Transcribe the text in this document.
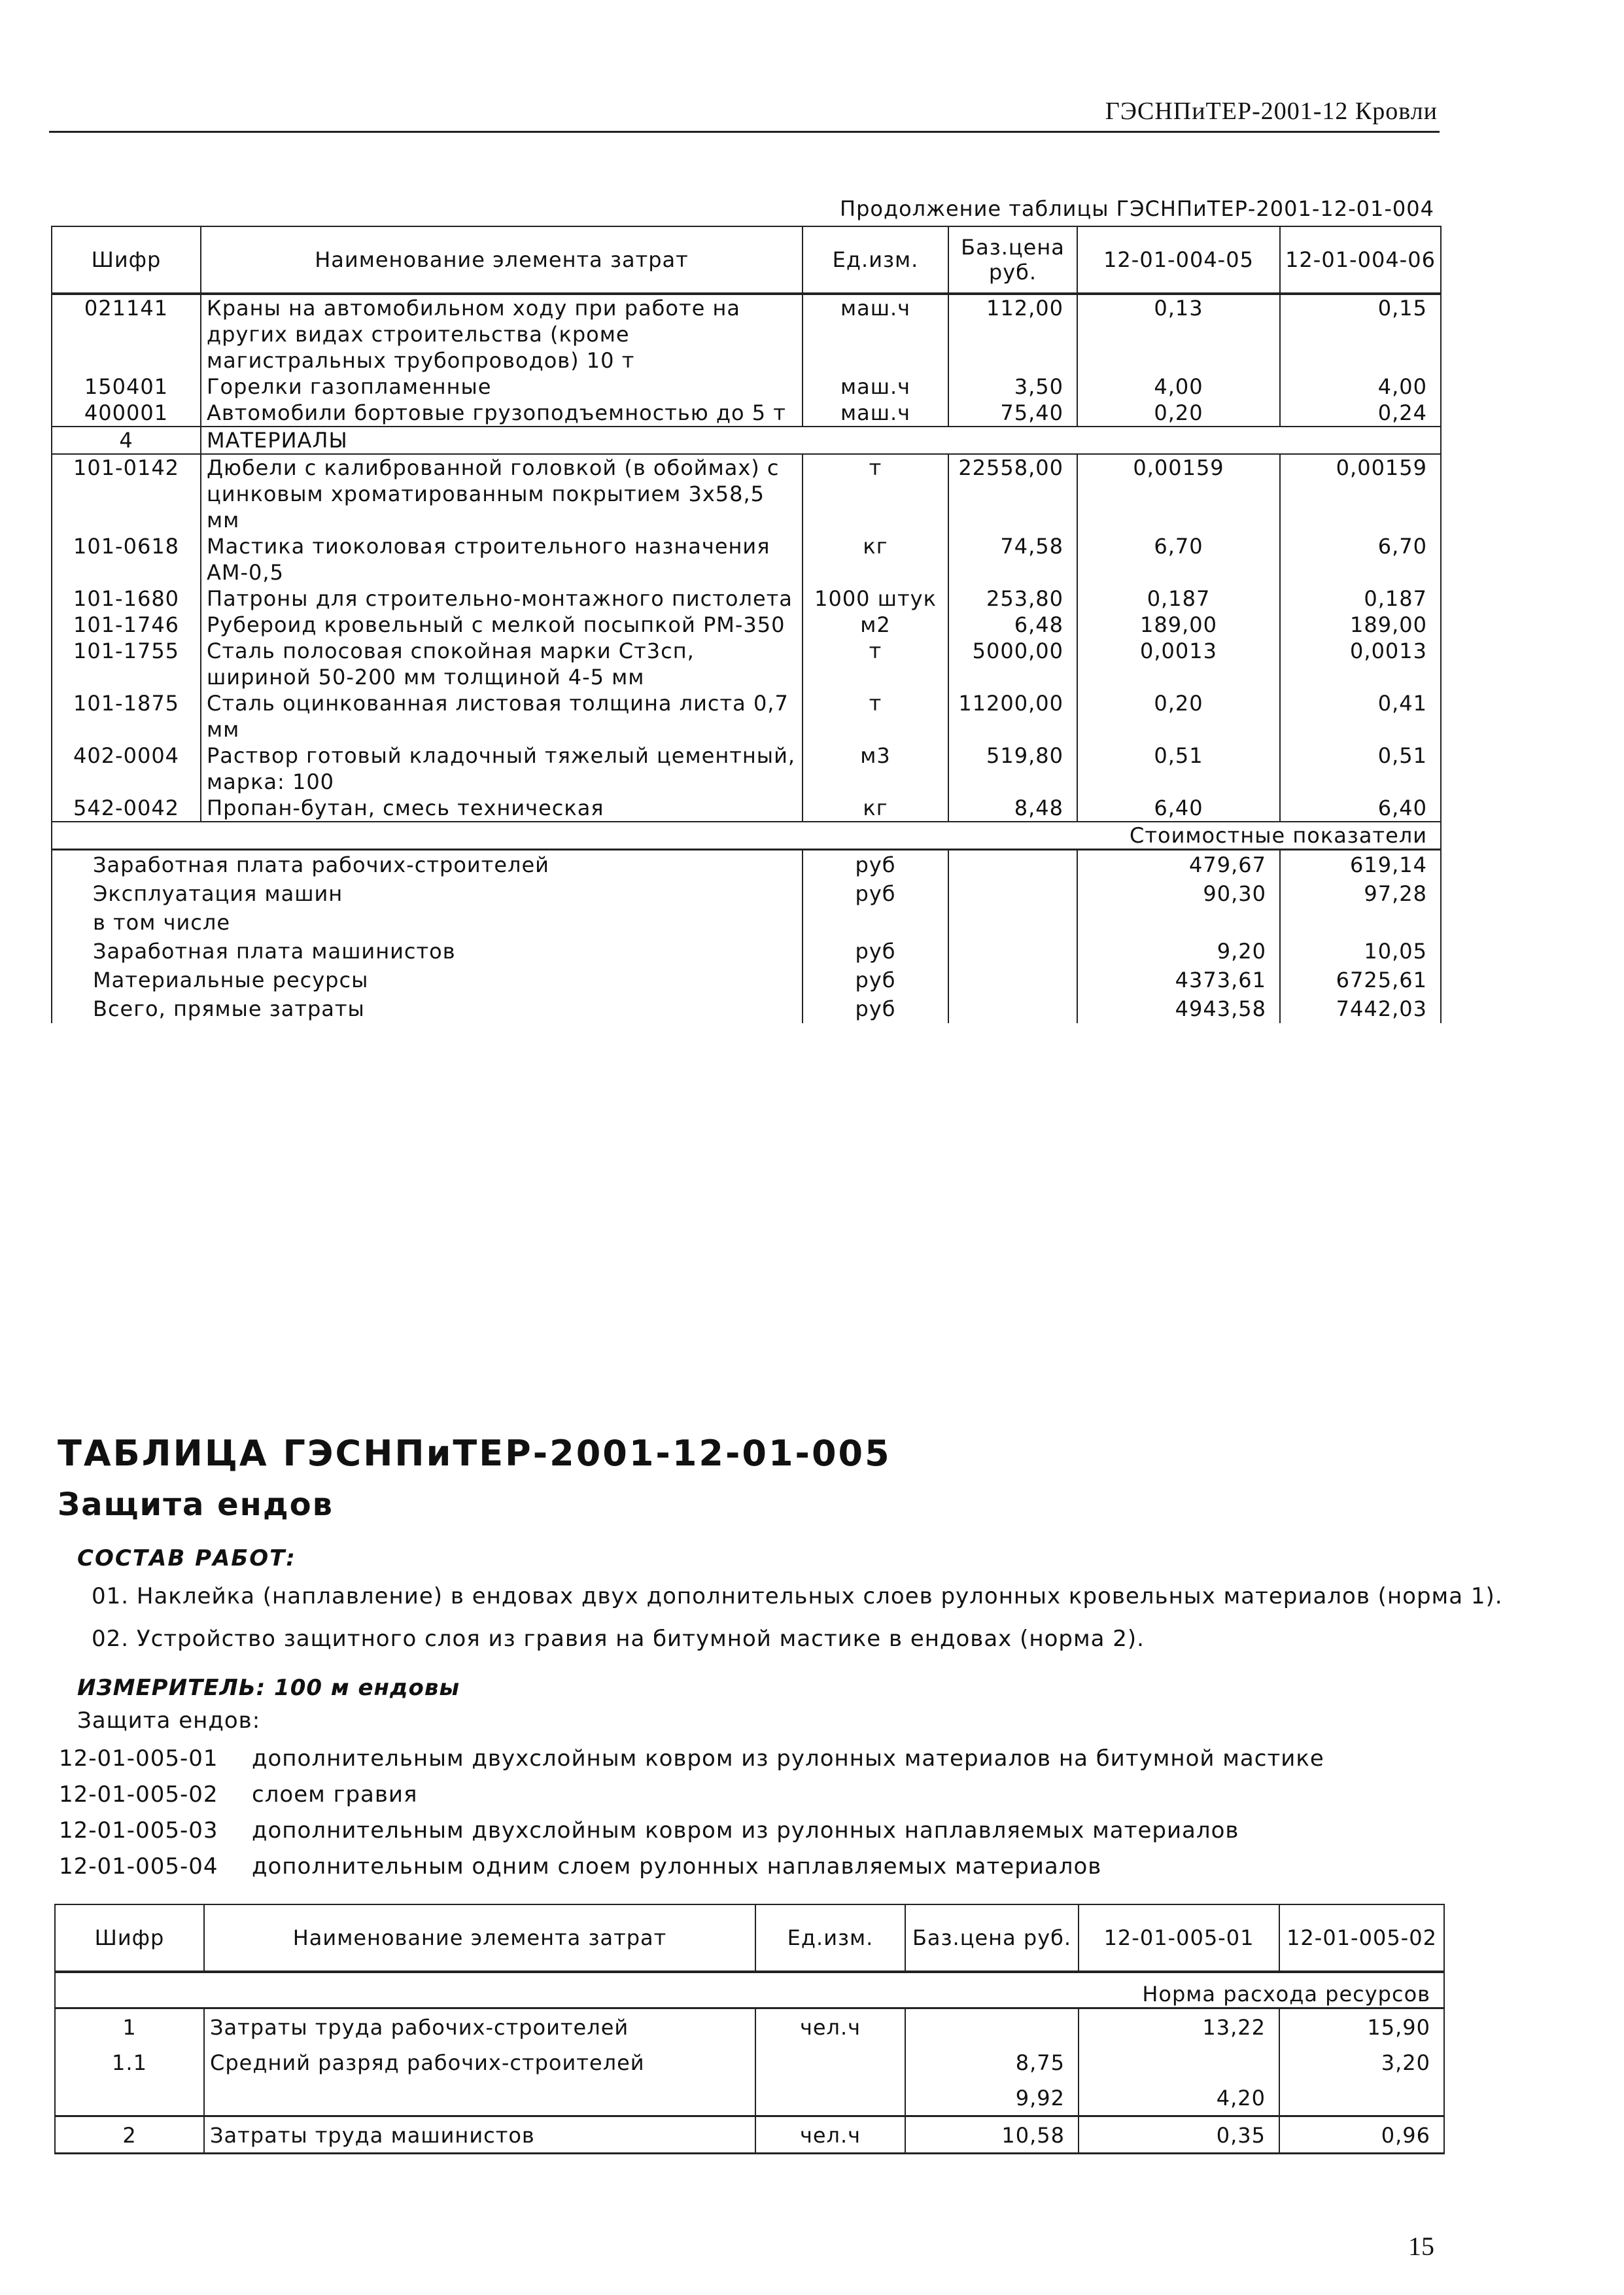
ГЭСНПиТЕР-2001-12 Кровли
Продолжение таблицы ГЭСНПиТЕР-2001-12-01-004
Шифр	Наименование элемента затрат	Ед.изм.	Баз.цена руб.	12-01-004-05	12-01-004-06
021141	Краны на автомобильном ходу при работе на других видах строительства (кроме магистральных трубопроводов) 10 т	маш.ч	112,00	0,13	0,15
150401	Горелки газопламенные	маш.ч	3,50	4,00	4,00
400001	Автомобили бортовые грузоподъемностью до 5 т	маш.ч	75,40	0,20	0,24
4	МАТЕРИАЛЫ				
101-0142	Дюбели с калиброванной головкой (в обоймах) с цинковым хроматированным покрытием 3x58,5 мм	т	22558,00	0,00159	0,00159
101-0618	Мастика тиоколовая строительного назначения АМ-0,5	кг	74,58	6,70	6,70
101-1680	Патроны для строительно-монтажного пистолета	1000 штук	253,80	0,187	0,187
101-1746	Рубероид кровельный с мелкой посыпкой РМ-350	м2	6,48	189,00	189,00
101-1755	Сталь полосовая спокойная марки Ст3сп, шириной 50-200 мм толщиной 4-5 мм	т	5000,00	0,0013	0,0013
101-1875	Сталь оцинкованная листовая толщина листа 0,7 мм	т	11200,00	0,20	0,41
402-0004	Раствор готовый кладочный тяжелый цементный, марка: 100	м3	519,80	0,51	0,51
542-0042	Пропан-бутан, смесь техническая	кг	8,48	6,40	6,40
Стоимостные показатели					
Заработная плата рабочих-строителей		руб		479,67	619,14
Эксплуатация машин		руб		90,30	97,28
в том числе					
Заработная плата машинистов		руб		9,20	10,05
Материальные ресурсы		руб		4373,61	6725,61
Всего, прямые затраты		руб		4943,58	7442,03
ТАБЛИЦА ГЭСНПиТЕР-2001-12-01-005
Защита ендов
СОСТАВ РАБОТ:
01. Наклейка (наплавление) в ендовах двух дополнительных слоев рулонных кровельных материалов (норма 1).
02. Устройство защитного слоя из гравия на битумной мастике в ендовах (норма 2).
ИЗМЕРИТЕЛЬ: 100 м ендовы
Защита ендов:
12-01-005-01 дополнительным двухслойным ковром из рулонных материалов на битумной мастике
12-01-005-02 слоем гравия
12-01-005-03 дополнительным двухслойным ковром из рулонных наплавляемых материалов
12-01-005-04 дополнительным одним слоем рулонных наплавляемых материалов
Шифр	Наименование элемента затрат	Ед.изм.	Баз.цена руб.	12-01-005-01	12-01-005-02
Норма расхода ресурсов					
1	Затраты труда рабочих-строителей	чел.ч		13,22	15,90
1.1	Средний разряд рабочих-строителей		8,75		3,20
			9,92	4,20	
2	Затраты труда машинистов	чел.ч	10,58	0,35	0,96
15
